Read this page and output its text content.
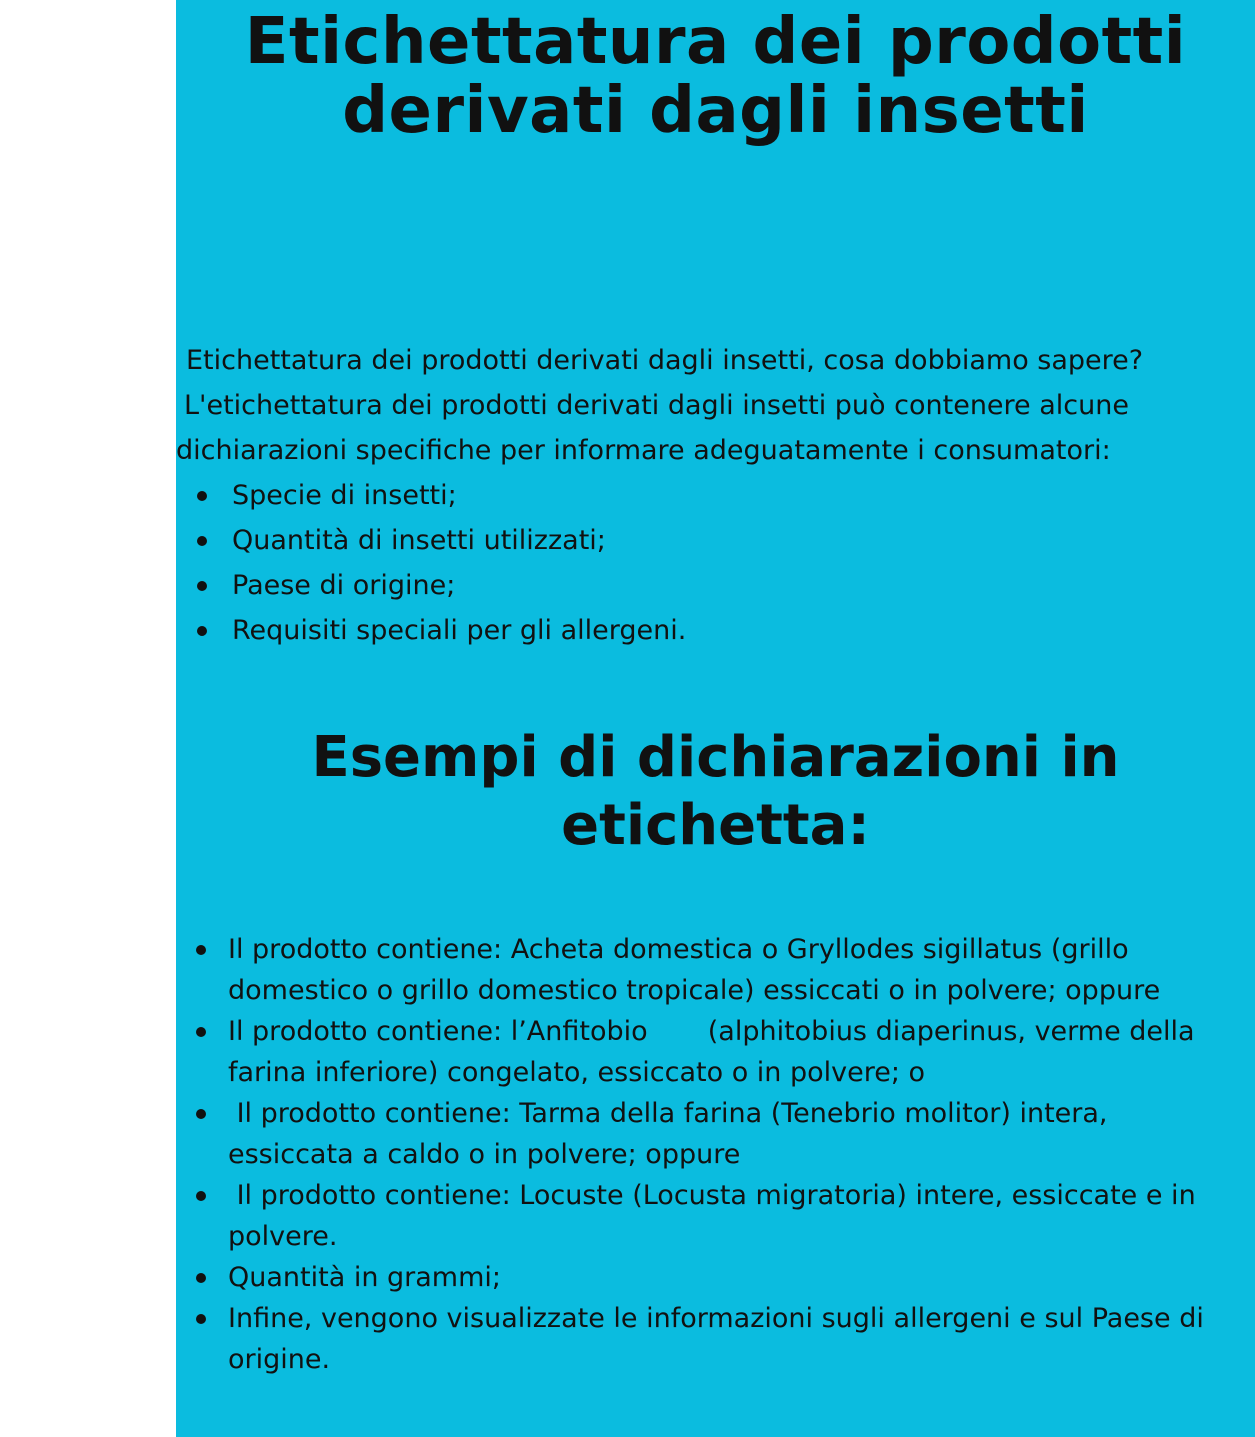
Etichettatura dei prodotti
derivati dagli insetti

Etichettatura dei prodotti derivati dagli insetti, cosa dobbiamo sapere?

L'etichettatura dei prodotti derivati dagli insetti può contenere alcune

dichiarazioni specifiche per informare adeguatamente i consumatori:

Specie di insetti;
Quantità di insetti utilizzati;
Paese di origine;
Requisiti speciali per gli allergeni.
Esempi di dichiarazioni in
etichetta:
Il prodotto contiene: Acheta domestica o Gryllodes sigillatus (grillo
domestico o grillo domestico tropicale) essiccati o in polvere; oppure
Il prodotto contiene: l’Anfitobio       (alphitobius diaperinus, verme della
farina inferiore) congelato, essiccato o in polvere; o
Il prodotto contiene: Tarma della farina (Tenebrio molitor) intera,
essiccata a caldo o in polvere; oppure
Il prodotto contiene: Locuste (Locusta migratoria) intere, essiccate e in
polvere.
Quantità in grammi;
Infine, vengono visualizzate le informazioni sugli allergeni e sul Paese di
origine.
